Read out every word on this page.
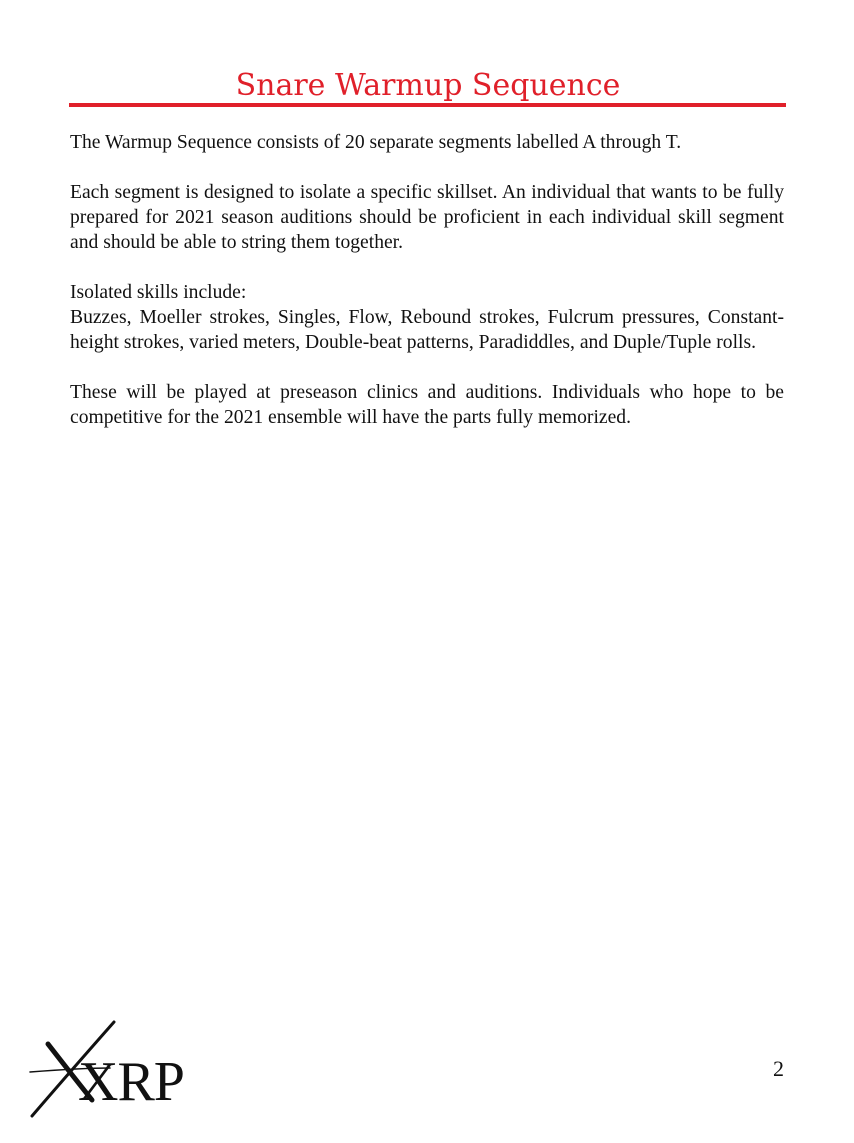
Snare Warmup Sequence

The Warmup Sequence consists of 20 separate segments labelled A through T.

Each segment is designed to isolate a specific skillset. An individual that wants to be fully prepared for 2021 season auditions should be proficient in each individual skill segment and should be able to string them together.

Isolated skills include:
Buzzes, Moeller strokes, Singles, Flow, Rebound strokes, Fulcrum pressures, Constant-height strokes, varied meters, Double-beat patterns, Paradiddles, and Duple/Tuple rolls.

These will be played at preseason clinics and auditions. Individuals who hope to be competitive for the 2021 ensemble will have the parts fully memorized.

XRP	2
